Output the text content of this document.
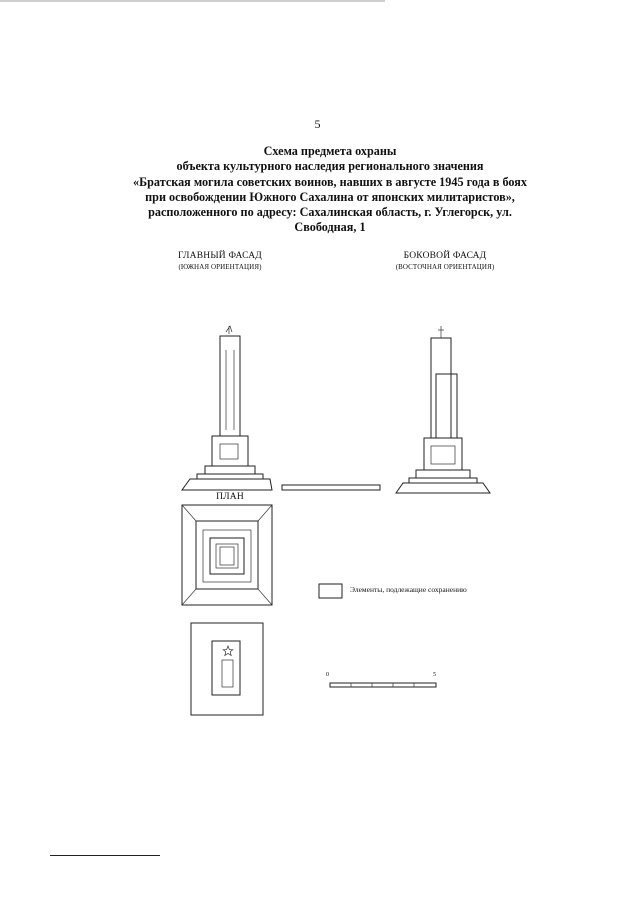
5
Схема предмета охраны
объекта культурного наследия регионального значения
«Братская могила советских воинов, навших в августе 1945 года в боях
при освобождении Южного Сахалина от японских милитаристов»,
расположенного по адресу: Сахалинская область, г. Углегорск, ул.
Свободная, 1
ГЛАВНЫЙ ФАСАД
(ЮЖНАЯ ОРИЕНТАЦИЯ)
БОКОВОЙ ФАСАД
(ВОСТОЧНАЯ ОРИЕНТАЦИЯ)
ПЛАН
Элементы, подлежащие сохранению
0	5
